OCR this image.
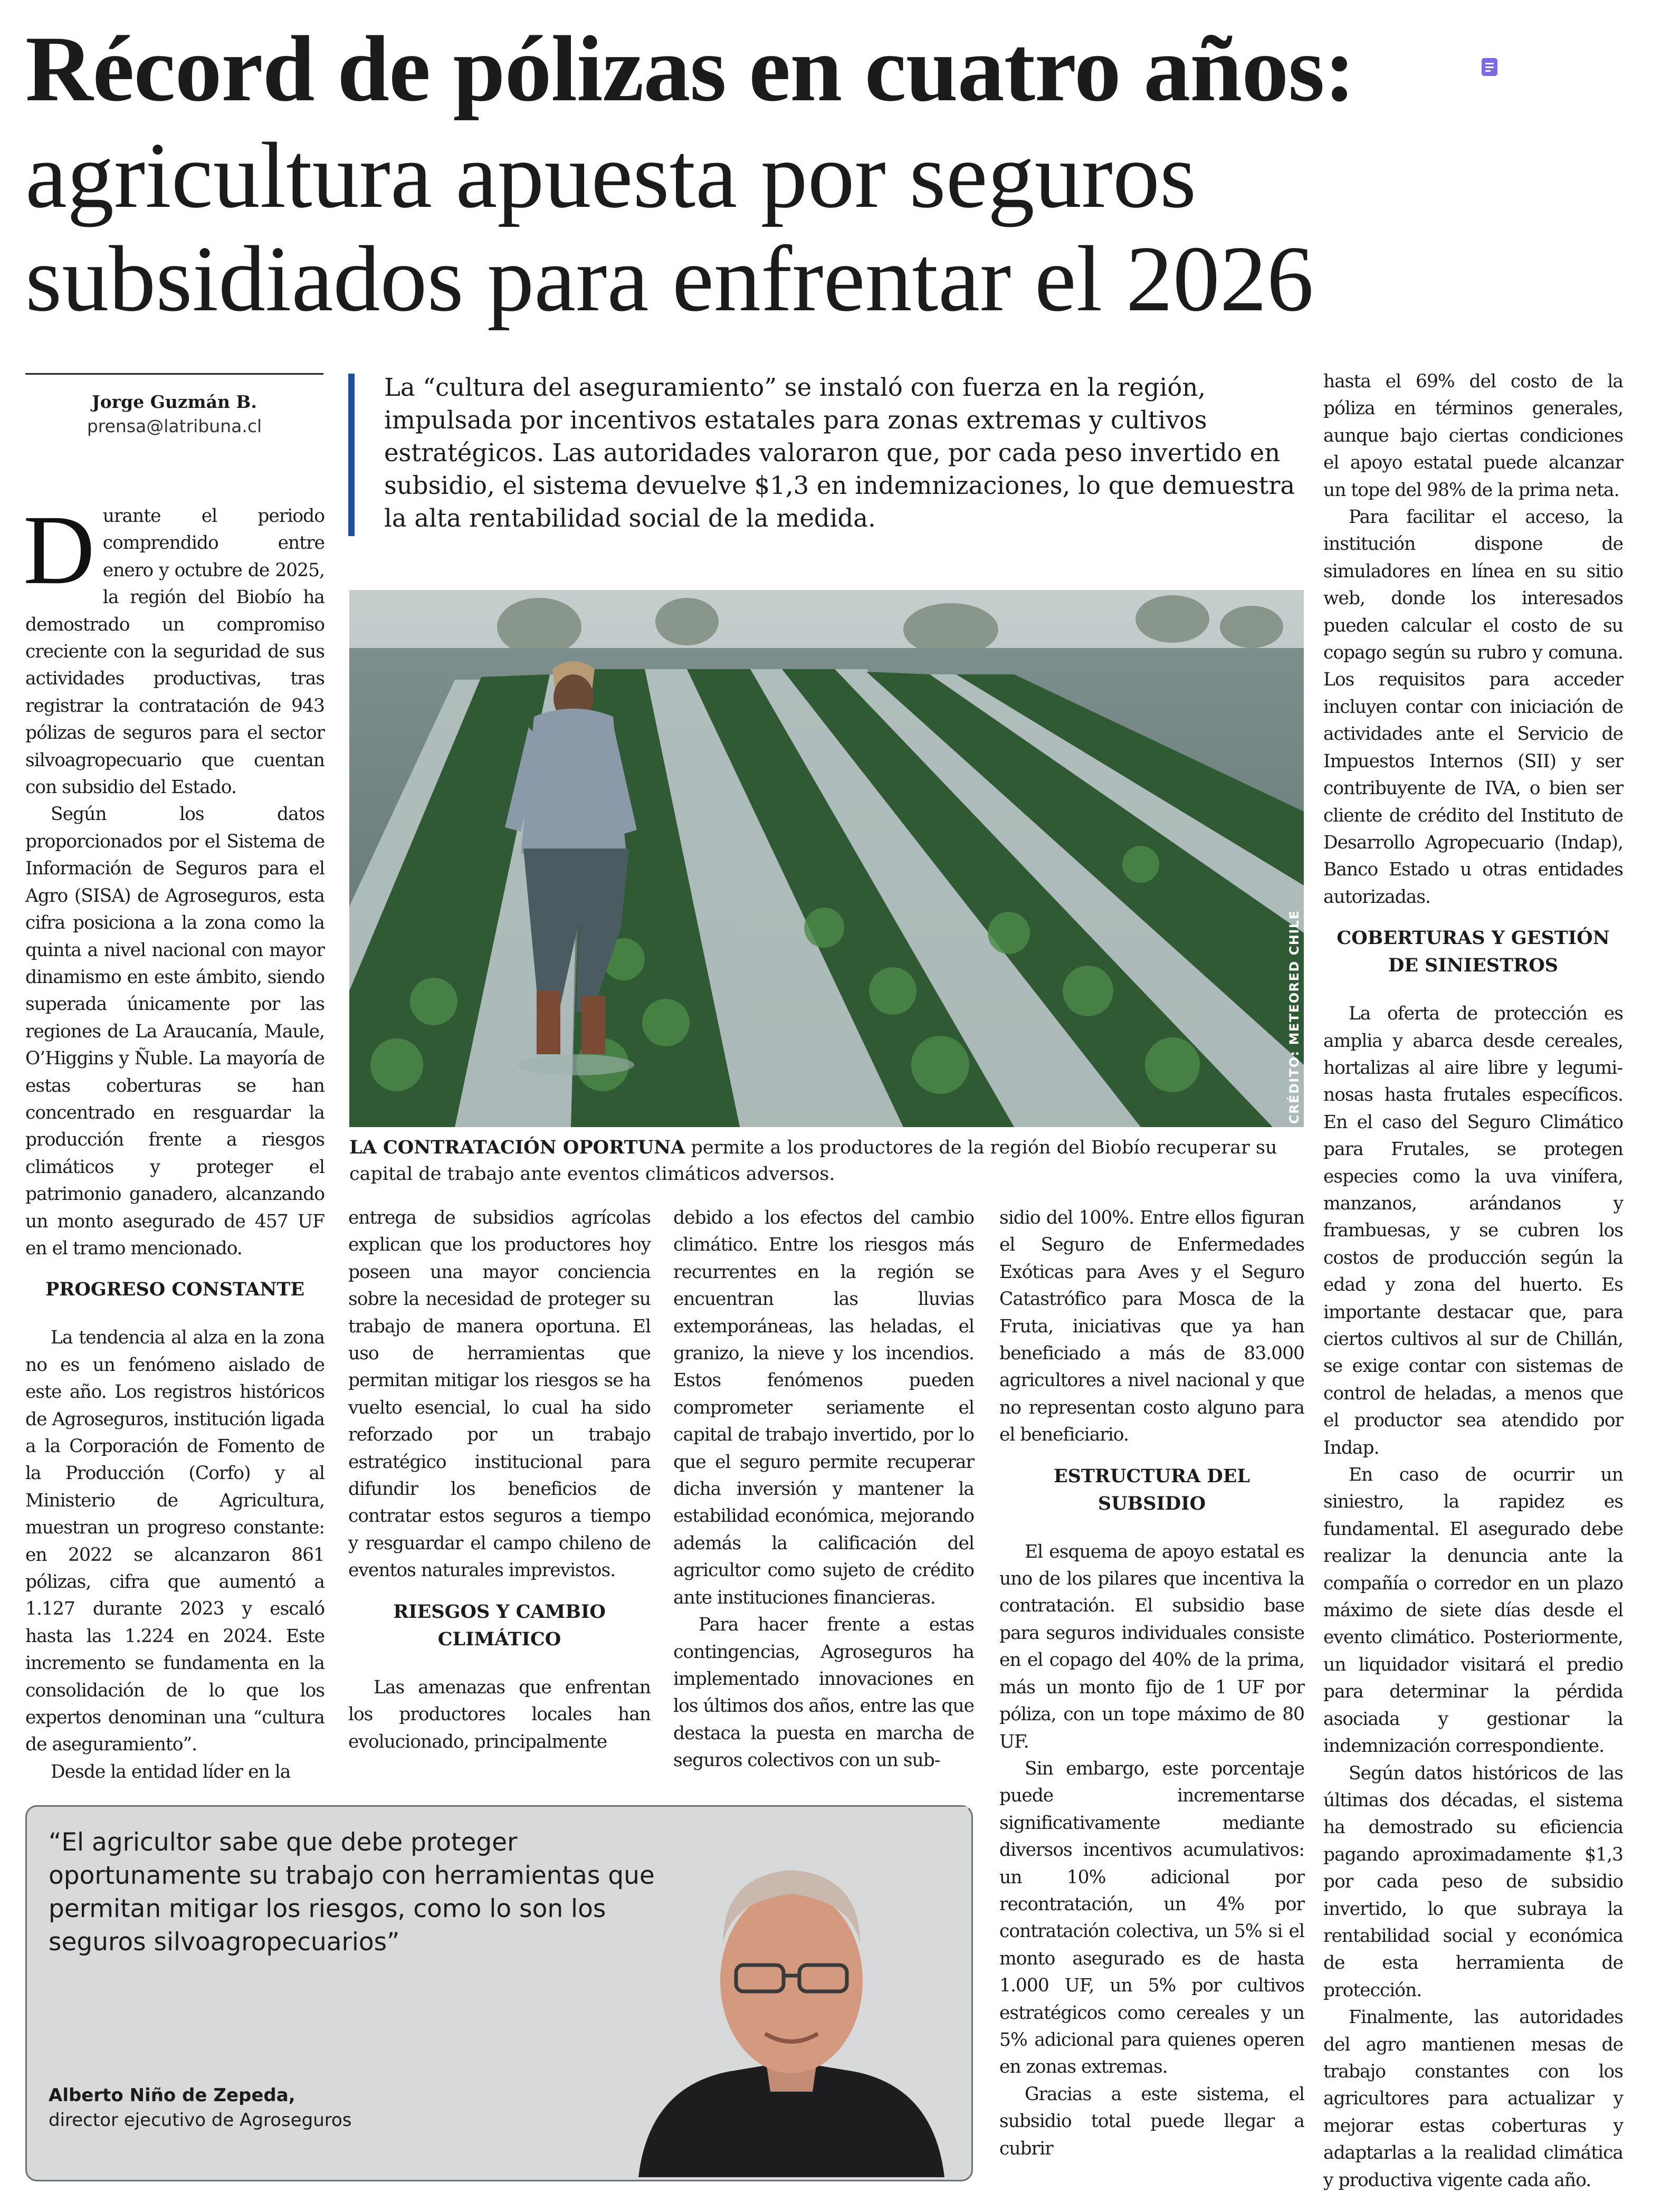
Récord de pólizas en cuatro años:
agricultura apuesta por seguros subsidiados para enfrentar el 2026
Jorge Guzmán B.
prensa@latribuna.cl
La “cultura del aseguramiento” se instaló con fuerza en la región, impulsada por incentivos estatales para zonas extremas y cultivos estratégicos. Las autoridades valoraron que, por cada peso invertido en subsidio, el sistema devuelve $1,3 en indemnizaciones, lo que demuestra la alta rentabilidad social de la medida.

Durante el periodo comprendido entre enero y octubre de 2025, la región del Biobío ha demostrado un compromiso creciente con la seguridad de sus actividades productivas, tras registrar la contratación de 943 pólizas de seguros para el sector silvoagropecuario que cuentan con subsidio del Estado.

Según los datos proporcionados por el Sistema de Información de Seguros para el Agro (SISA) de Agroseguros, esta cifra posiciona a la zona como la quinta a nivel nacional con mayor dinamismo en este ámbito, siendo superada únicamente por las regiones de La Araucanía, Maule, O’Higgins y Ñuble. La mayoría de estas coberturas se han concentrado en resguardar la producción frente a riesgos climáticos y proteger el patrimonio ganadero, alcanzando un monto asegurado de 457 UF en el tramo mencionado.

PROGRESO CONSTANTE

La tendencia al alza en la zona no es un fenómeno aislado de este año. Los registros históricos de Agroseguros, institución ligada a la Corporación de Fomento de la Producción (Corfo) y al Ministerio de Agricultura, muestran un progreso constante: en 2022 se alcanzaron 861 pólizas, cifra que aumentó a 1.127 durante 2023 y escaló hasta las 1.224 en 2024. Este incremento se fundamenta en la consolidación de lo que los expertos denominan una “cultura de aseguramiento”.

Desde la entidad líder en la

CRÉDITO: METEORED CHILE
LA CONTRATACIÓN OPORTUNA permite a los productores de la región del Biobío recuperar su capital de trabajo ante eventos climáticos adversos.

entrega de subsidios agrícolas explican que los productores hoy poseen una mayor conciencia sobre la necesidad de proteger su trabajo de manera oportuna. El uso de herramientas que permitan mitigar los riesgos se ha vuelto esencial, lo cual ha sido reforzado por un trabajo estratégico institucional para difundir los beneficios de contratar estos seguros a tiempo y resguardar el campo chileno de eventos naturales imprevistos.

RIESGOS Y CAMBIO CLIMÁTICO

Las amenazas que enfrentan los productores locales han evolucionado, principalmente

debido a los efectos del cambio climático. Entre los riesgos más recurrentes en la región se encuentran las lluvias extemporáneas, las heladas, el granizo, la nieve y los incendios. Estos fenómenos pueden comprometer seriamente el capital de trabajo invertido, por lo que el seguro permite recuperar dicha inversión y mantener la estabilidad económica, mejorando además la calificación del agricultor como sujeto de crédito ante instituciones financieras.

Para hacer frente a estas contingencias, Agroseguros ha implementado innovaciones en los últimos dos años, entre las que destaca la puesta en marcha de seguros colectivos con un sub-

sidio del 100%. Entre ellos figuran el Seguro de Enfermedades Exóticas para Aves y el Seguro Catastrófico para Mosca de la Fruta, iniciativas que ya han beneficiado a más de 83.000 agricultores a nivel nacional y que no representan costo alguno para el beneficiario.

ESTRUCTURA DEL SUBSIDIO

El esquema de apoyo estatal es uno de los pilares que incentiva la contratación. El subsidio base para seguros individuales consiste en el copago del 40% de la prima, más un monto fijo de 1 UF por póliza, con un tope máximo de 80 UF.

Sin embargo, este porcentaje puede incrementarse significativamente mediante diversos incentivos acumulativos: un 10% adicional por recontratación, un 4% por contratación colectiva, un 5% si el monto asegurado es de hasta 1.000 UF, un 5% por cultivos estratégicos como cereales y un 5% adicional para quienes operen en zonas extremas.

Gracias a este sistema, el subsidio total puede llegar a cubrir

hasta el 69% del costo de la póliza en términos generales, aunque bajo ciertas condiciones el apoyo estatal puede alcanzar un tope del 98% de la prima neta.

Para facilitar el acceso, la institución dispone de simuladores en línea en su sitio web, donde los interesados pueden calcular el costo de su copago según su rubro y comuna. Los requisitos para acceder incluyen contar con iniciación de actividades ante el Servicio de Impuestos Internos (SII) y ser contribuyente de IVA, o bien ser cliente de crédito del Instituto de Desarrollo Agropecuario (Indap), Banco Estado u otras entidades autorizadas.

COBERTURAS Y GESTIÓN DE SINIESTROS

La oferta de protección es amplia y abarca desde cereales, hortalizas al aire libre y leguminosas hasta frutales específicos. En el caso del Seguro Climático para Frutales, se protegen especies como la uva vinífera, manzanos, arándanos y frambuesas, y se cubren los costos de producción según la edad y zona del huerto. Es importante destacar que, para ciertos cultivos al sur de Chillán, se exige contar con sistemas de control de heladas, a menos que el productor sea atendido por Indap.

En caso de ocurrir un siniestro, la rapidez es fundamental. El asegurado debe realizar la denuncia ante la compañía o corredor en un plazo máximo de siete días desde el evento climático. Posteriormente, un liquidador visitará el predio para determinar la pérdida asociada y gestionar la indemnización correspondiente.

Según datos históricos de las últimas dos décadas, el sistema ha demostrado su eficiencia pagando aproximadamente $1,3 por cada peso de subsidio invertido, lo que subraya la rentabilidad social y económica de esta herramienta de protección.

Finalmente, las autoridades del agro mantienen mesas de trabajo constantes con los agricultores para actualizar y mejorar estas coberturas y adaptarlas a la realidad climática y productiva vigente cada año.

“El agricultor sabe que debe proteger oportunamente su trabajo con herramientas que permitan mitigar los riesgos, como lo son los seguros silvoagropecuarios”
Alberto Niño de Zepeda,
director ejecutivo de Agroseguros
